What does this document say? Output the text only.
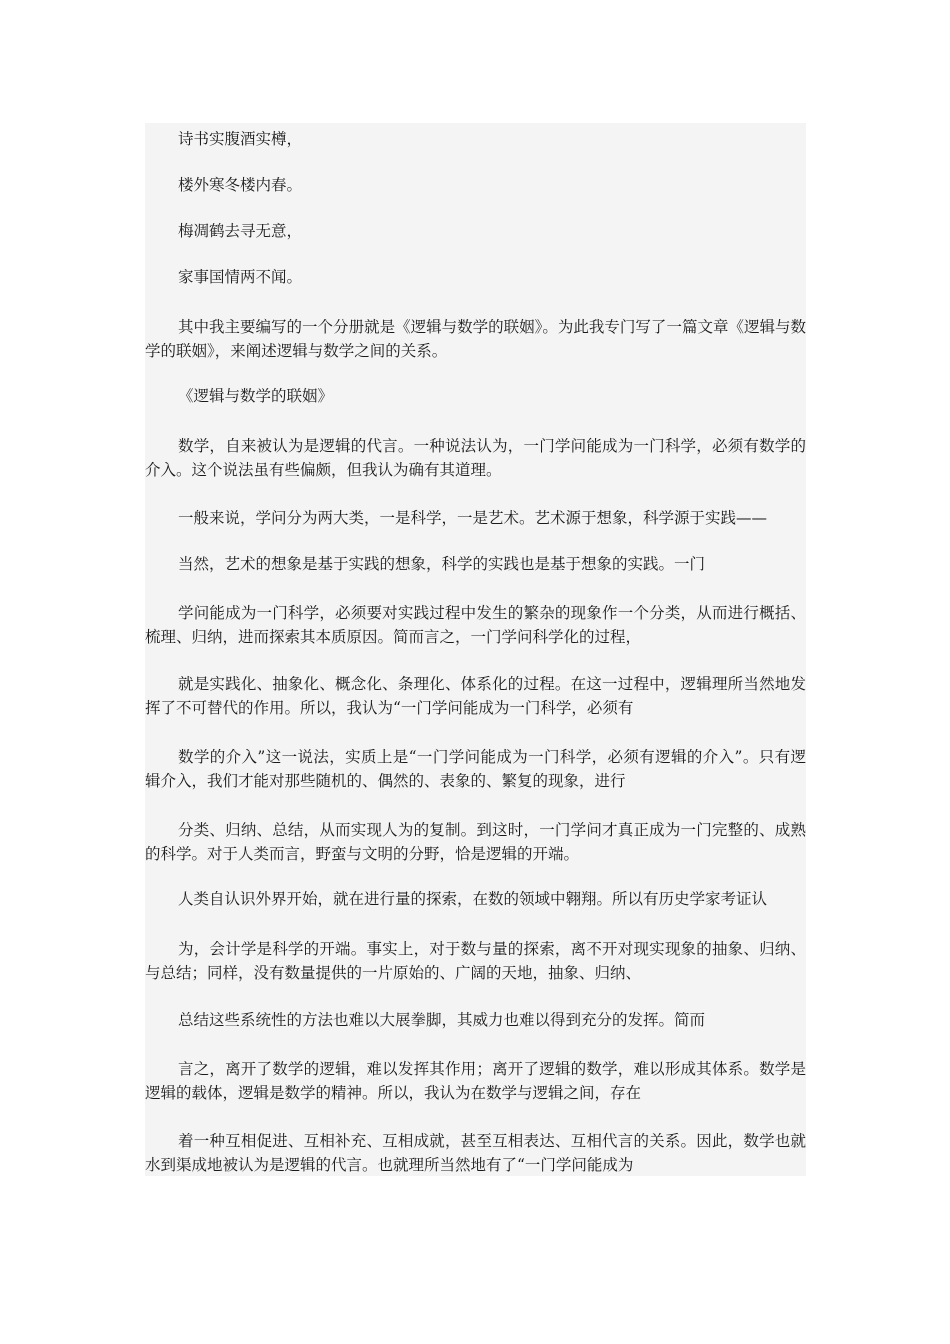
诗书实腹酒实樽，

楼外寒冬楼内春。

梅凋鹤去寻无意，

家事国情两不闻。

其中我主要编写的一个分册就是《逻辑与数学的联姻》。为此我专门写了一篇文章《逻辑与数学的联姻》，来阐述逻辑与数学之间的关系。

《逻辑与数学的联姻》

数学，自来被认为是逻辑的代言。一种说法认为，一门学问能成为一门科学，必须有数学的介入。这个说法虽有些偏颇，但我认为确有其道理。

一般来说，学问分为两大类，一是科学，一是艺术。艺术源于想象，科学源于实践——

当然，艺术的想象是基于实践的想象，科学的实践也是基于想象的实践。一门

学问能成为一门科学，必须要对实践过程中发生的繁杂的现象作一个分类，从而进行概括、梳理、归纳，进而探索其本质原因。简而言之，一门学问科学化的过程，

就是实践化、抽象化、概念化、条理化、体系化的过程。在这一过程中，逻辑理所当然地发挥了不可替代的作用。所以，我认为“一门学问能成为一门科学，必须有

数学的介入”这一说法，实质上是“一门学问能成为一门科学，必须有逻辑的介入”。只有逻辑介入，我们才能对那些随机的、偶然的、表象的、繁复的现象，进行

分类、归纳、总结，从而实现人为的复制。到这时，一门学问才真正成为一门完整的、成熟的科学。对于人类而言，野蛮与文明的分野，恰是逻辑的开端。

人类自认识外界开始，就在进行量的探索，在数的领域中翱翔。所以有历史学家考证认

为，会计学是科学的开端。事实上，对于数与量的探索，离不开对现实现象的抽象、归纳、与总结；同样，没有数量提供的一片原始的、广阔的天地，抽象、归纳、

总结这些系统性的方法也难以大展拳脚，其威力也难以得到充分的发挥。简而

言之，离开了数学的逻辑，难以发挥其作用；离开了逻辑的数学，难以形成其体系。数学是逻辑的载体，逻辑是数学的精神。所以，我认为在数学与逻辑之间，存在

着一种互相促进、互相补充、互相成就，甚至互相表达、互相代言的关系。因此，数学也就水到渠成地被认为是逻辑的代言。也就理所当然地有了“一门学问能成为
